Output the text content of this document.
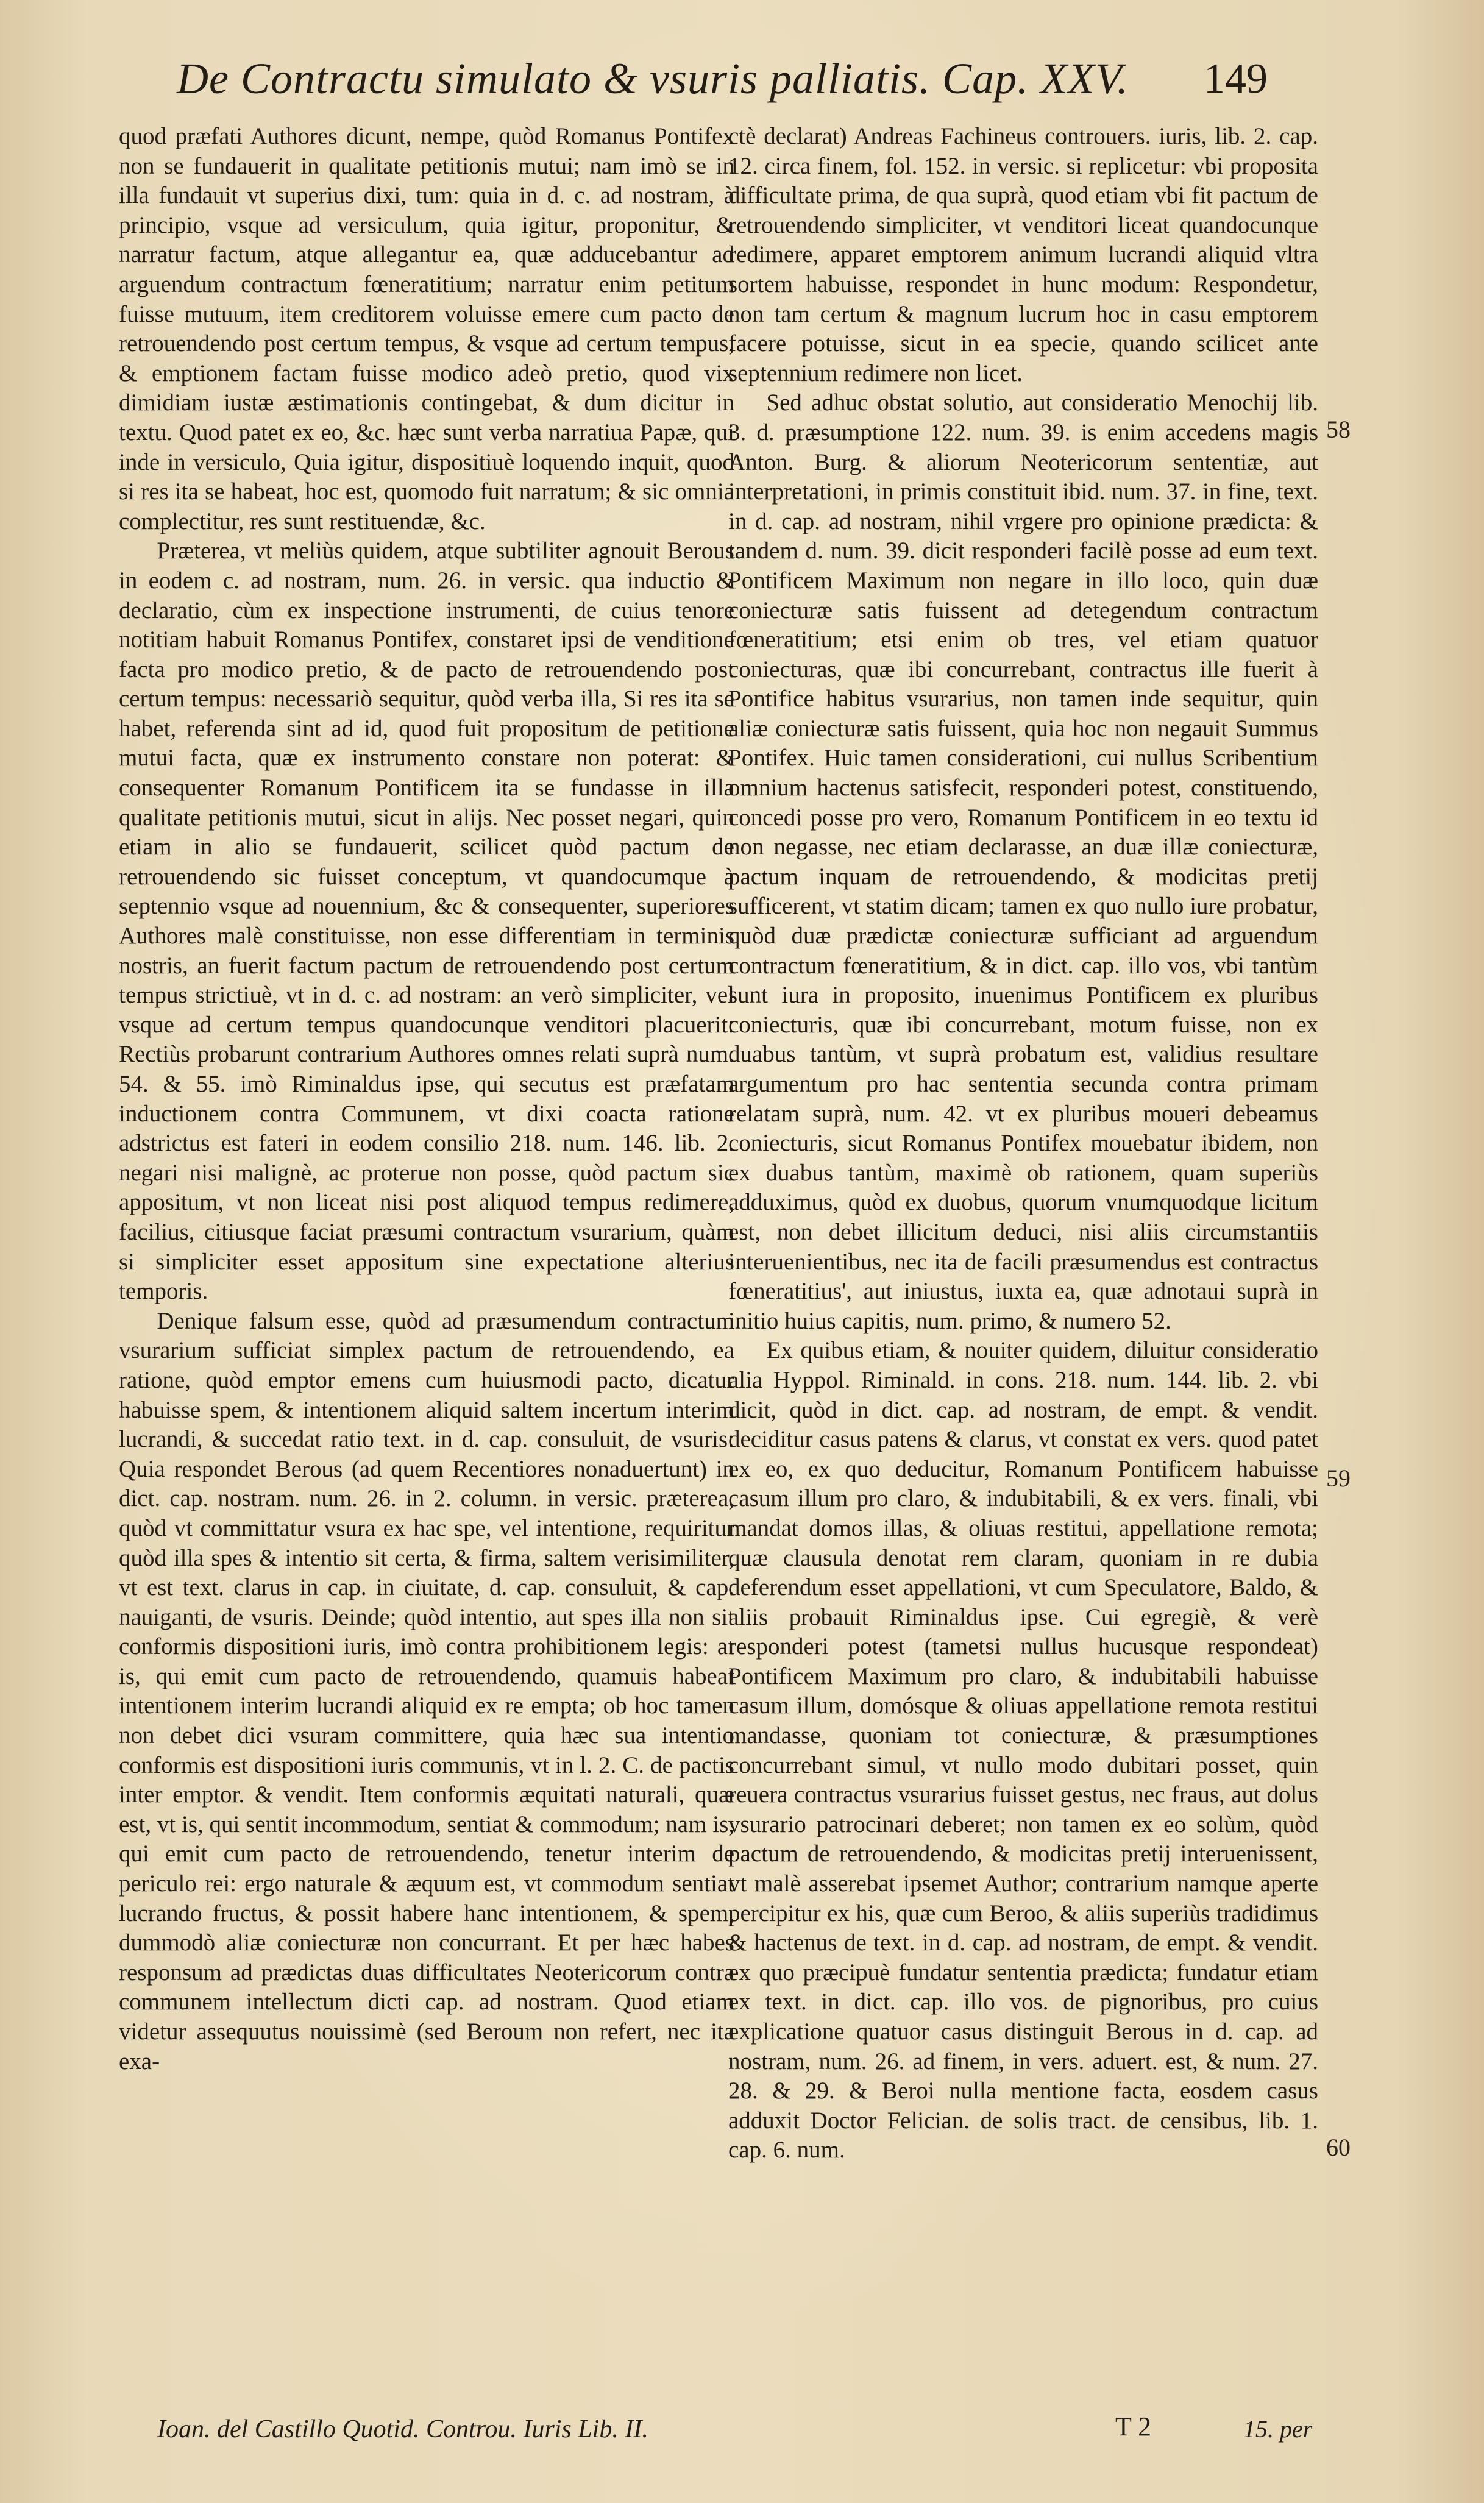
De Contractu simulato & vsuris palliatis. Cap. XXV. 149

quod præfati Authores dicunt, nempe, quòd Romanus Pontifex non se fundauerit in qualitate petitionis mutui; nam imò se in illa fundauit vt superius dixi, tum: quia in d. c. ad nostram, à principio, vsque ad versiculum, quia igitur, proponitur, & narratur factum, atque allegantur ea, quæ adducebantur ad arguendum contractum fœneratitium; narratur enim petitum fuisse mutuum, item creditorem voluisse emere cum pacto de retrouendendo post certum tempus, & vsque ad certum tempus, & emptionem factam fuisse modico adeò pretio, quod vix dimidiam iustæ æstimationis contingebat, & dum dicitur in textu. Quod patet ex eo, &c. hæc sunt verba narratiua Papæ, qui inde in versiculo, Quia igitur, dispositiuè loquendo inquit, quod si res ita se habeat, hoc est, quomodo fuit narratum; & sic omnia complectitur, res sunt restituendæ, &c.

Præterea, vt meliùs quidem, atque subtiliter agnouit Berous in eodem c. ad nostram, num. 26. in versic. qua inductio & declaratio, cùm ex inspectione instrumenti, de cuius tenore notitiam habuit Romanus Pontifex, constaret ipsi de venditione facta pro modico pretio, & de pacto de retrouendendo post certum tempus: necessariò sequitur, quòd verba illa, Si res ita se habet, referenda sint ad id, quod fuit propositum de petitione mutui facta, quæ ex instrumento constare non poterat: & consequenter Romanum Pontificem ita se fundasse in illa qualitate petitionis mutui, sicut in alijs. Nec posset negari, quin etiam in alio se fundauerit, scilicet quòd pactum de retrouendendo sic fuisset conceptum, vt quandocumque à septennio vsque ad nouennium, &c & consequenter, superiores Authores malè constituisse, non esse differentiam in terminis nostris, an fuerit factum pactum de retrouendendo post certum tempus strictiuè, vt in d. c. ad nostram: an verò simpliciter, vel vsque ad certum tempus quandocunque venditori placuerit: Rectiùs probarunt contrarium Authores omnes relati suprà num. 54. & 55. imò Riminaldus ipse, qui secutus est præfatam inductionem contra Communem, vt dixi coacta ratione adstrictus est fateri in eodem consilio 218. num. 146. lib. 2. negari nisi malignè, ac proterue non posse, quòd pactum sic appositum, vt non liceat nisi post aliquod tempus redimere, facilius, citiusque faciat præsumi contractum vsurarium, quàm si simpliciter esset appositum sine expectatione alterius temporis.

Denique falsum esse, quòd ad præsumendum contractum vsurarium sufficiat simplex pactum de retrouendendo, ea ratione, quòd emptor emens cum huiusmodi pacto, dicatur habuisse spem, & intentionem aliquid saltem incertum interim lucrandi, & succedat ratio text. in d. cap. consuluit, de vsuris: Quia respondet Berous (ad quem Recentiores nonaduertunt) in dict. cap. nostram. num. 26. in 2. column. in versic. præterea, quòd vt committatur vsura ex hac spe, vel intentione, requiritur quòd illa spes & intentio sit certa, & firma, saltem verisimiliter, vt est text. clarus in cap. in ciuitate, d. cap. consuluit, & cap. nauiganti, de vsuris. Deinde; quòd intentio, aut spes illa non sit conformis dispositioni iuris, imò contra prohibitionem legis: at is, qui emit cum pacto de retrouendendo, quamuis habeat intentionem interim lucrandi aliquid ex re empta; ob hoc tamen non debet dici vsuram committere, quia hæc sua intentio conformis est dispositioni iuris communis, vt in l. 2. C. de pactis inter emptor. & vendit. Item conformis æquitati naturali, quæ est, vt is, qui sentit incommodum, sentiat & commodum; nam is, qui emit cum pacto de retrouendendo, tenetur interim de periculo rei: ergo naturale & æquum est, vt commodum sentiat lucrando fructus, & possit habere hanc intentionem, & spem, dummodò aliæ coniecturæ non concurrant. Et per hæc habes responsum ad prædictas duas difficultates Neotericorum contra communem intellectum dicti cap. ad nostram. Quod etiam videtur assequutus nouissimè (sed Beroum non refert, nec ita exa-

ctè declarat) Andreas Fachineus controuers. iuris, lib. 2. cap. 12. circa finem, fol. 152. in versic. si replicetur: vbi proposita difficultate prima, de qua suprà, quod etiam vbi fit pactum de retrouendendo simpliciter, vt venditori liceat quandocunque redimere, apparet emptorem animum lucrandi aliquid vltra sortem habuisse, respondet in hunc modum: Respondetur, non tam certum & magnum lucrum hoc in casu emptorem facere potuisse, sicut in ea specie, quando scilicet ante septennium redimere non licet.

Sed adhuc obstat solutio, aut consideratio Menochij lib. 3. d. præsumptione 122. num. 39. is enim accedens magis Anton. Burg. & aliorum Neotericorum sententiæ, aut interpretationi, in primis constituit ibid. num. 37. in fine, text. in d. cap. ad nostram, nihil vrgere pro opinione prædicta: & tandem d. num. 39. dicit responderi facilè posse ad eum text. Pontificem Maximum non negare in illo loco, quin duæ coniecturæ satis fuissent ad detegendum contractum fœneratitium; etsi enim ob tres, vel etiam quatuor coniecturas, quæ ibi concurrebant, contractus ille fuerit à Pontifice habitus vsurarius, non tamen inde sequitur, quin aliæ coniecturæ satis fuissent, quia hoc non negauit Summus Pontifex. Huic tamen considerationi, cui nullus Scribentium omnium hactenus satisfecit, responderi potest, constituendo, concedi posse pro vero, Romanum Pontificem in eo textu id non negasse, nec etiam declarasse, an duæ illæ coniecturæ, pactum inquam de retrouendendo, & modicitas pretij sufficerent, vt statim dicam; tamen ex quo nullo iure probatur, quòd duæ prædictæ coniecturæ sufficiant ad arguendum contractum fœneratitium, & in dict. cap. illo vos, vbi tantùm sunt iura in proposito, inuenimus Pontificem ex pluribus coniecturis, quæ ibi concurrebant, motum fuisse, non ex duabus tantùm, vt suprà probatum est, validius resultare argumentum pro hac sententia secunda contra primam relatam suprà, num. 42. vt ex pluribus moueri debeamus coniecturis, sicut Romanus Pontifex mouebatur ibidem, non ex duabus tantùm, maximè ob rationem, quam superiùs adduximus, quòd ex duobus, quorum vnumquodque licitum est, non debet illicitum deduci, nisi aliis circumstantiis interuenientibus, nec ita de facili præsumendus est contractus fœneratitius', aut iniustus, iuxta ea, quæ adnotaui suprà in initio huius capitis, num. primo, & numero 52.

Ex quibus etiam, & nouiter quidem, diluitur consideratio alia Hyppol. Riminald. in cons. 218. num. 144. lib. 2. vbi dicit, quòd in dict. cap. ad nostram, de empt. & vendit. deciditur casus patens & clarus, vt constat ex vers. quod patet ex eo, ex quo deducitur, Romanum Pontificem habuisse casum illum pro claro, & indubitabili, & ex vers. finali, vbi mandat domos illas, & oliuas restitui, appellatione remota; quæ clausula denotat rem claram, quoniam in re dubia deferendum esset appellationi, vt cum Speculatore, Baldo, & aliis probauit Riminaldus ipse. Cui egregiè, & verè responderi potest (tametsi nullus hucusque respondeat) Pontificem Maximum pro claro, & indubitabili habuisse casum illum, domósque & oliuas appellatione remota restitui mandasse, quoniam tot coniecturæ, & præsumptiones concurrebant simul, vt nullo modo dubitari posset, quin reuera contractus vsurarius fuisset gestus, nec fraus, aut dolus vsurario patrocinari deberet; non tamen ex eo solùm, quòd pactum de retrouendendo, & modicitas pretij interuenissent, vt malè asserebat ipsemet Author; contrarium namque aperte percipitur ex his, quæ cum Beroo, & aliis superiùs tradidimus & hactenus de text. in d. cap. ad nostram, de empt. & vendit. ex quo præcipuè fundatur sententia prædicta; fundatur etiam ex text. in dict. cap. illo vos. de pignoribus, pro cuius explicatione quatuor casus distinguit Berous in d. cap. ad nostram, num. 26. ad finem, in vers. aduert. est, & num. 27. 28. & 29. & Beroi nulla mentione facta, eosdem casus adduxit Doctor Felician. de solis tract. de censibus, lib. 1. cap. 6. num.

58
59
60
Ioan. del Castillo Quotid. Controu. Iuris Lib. II.	T 2	15. per
